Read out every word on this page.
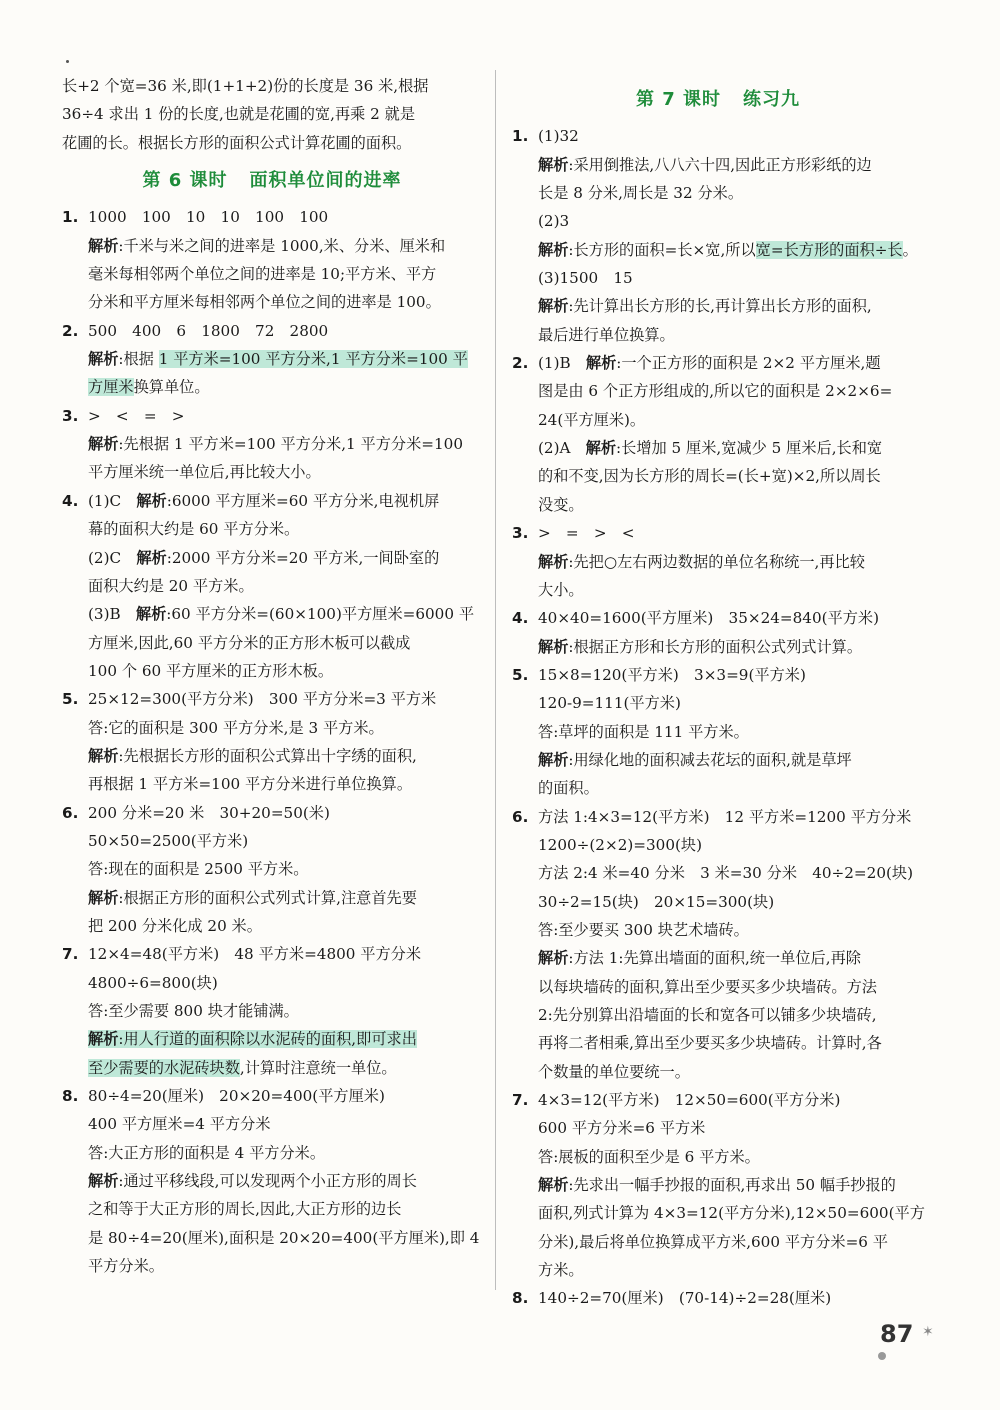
长+2 个宽=36 米,即(1+1+2)份的长度是 36 米,根据
36÷4 求出 1 份的长度,也就是花圃的宽,再乘 2 就是
花圃的长。根据长方形的面积公式计算花圃的面积。
第 6 课时 面积单位间的进率
1. 1000　100　10　10　100　100
解析:千米与米之间的进率是 1000,米、分米、厘米和
毫米每相邻两个单位之间的进率是 10;平方米、平方
分米和平方厘米每相邻两个单位之间的进率是 100。
2. 500　400　6　1800　72　2800
解析:根据 1 平方米=100 平方分米,1 平方分米=100 平
方厘米换算单位。
3. >　<　=　>
解析:先根据 1 平方米=100 平方分米,1 平方分米=100
平方厘米统一单位后,再比较大小。
4. (1)C　解析:6000 平方厘米=60 平方分米,电视机屏
幕的面积大约是 60 平方分米。
(2)C　解析:2000 平方分米=20 平方米,一间卧室的
面积大约是 20 平方米。
(3)B　解析:60 平方分米=(60×100)平方厘米=6000 平
方厘米,因此,60 平方分米的正方形木板可以截成
100 个 60 平方厘米的正方形木板。
5. 25×12=300(平方分米)　300 平方分米=3 平方米
答:它的面积是 300 平方分米,是 3 平方米。
解析:先根据长方形的面积公式算出十字绣的面积,
再根据 1 平方米=100 平方分米进行单位换算。
6. 200 分米=20 米　30+20=50(米)
50×50=2500(平方米)
答:现在的面积是 2500 平方米。
解析:根据正方形的面积公式列式计算,注意首先要
把 200 分米化成 20 米。
7. 12×4=48(平方米)　48 平方米=4800 平方分米
4800÷6=800(块)
答:至少需要 800 块才能铺满。
解析:用人行道的面积除以水泥砖的面积,即可求出
至少需要的水泥砖块数,计算时注意统一单位。
8. 80÷4=20(厘米)　20×20=400(平方厘米)
400 平方厘米=4 平方分米
答:大正方形的面积是 4 平方分米。
解析:通过平移线段,可以发现两个小正方形的周长
之和等于大正方形的周长,因此,大正方形的边长
是 80÷4=20(厘米),面积是 20×20=400(平方厘米),即 4
平方分米。
第 7 课时 练习九
1. (1)32
解析:采用倒推法,八八六十四,因此正方形彩纸的边
长是 8 分米,周长是 32 分米。
(2)3
解析:长方形的面积=长×宽,所以宽=长方形的面积÷长。
(3)1500　15
解析:先计算出长方形的长,再计算出长方形的面积,
最后进行单位换算。
2. (1)B　解析:一个正方形的面积是 2×2 平方厘米,题
图是由 6 个正方形组成的,所以它的面积是 2×2×6=
24(平方厘米)。
(2)A　解析:长增加 5 厘米,宽减少 5 厘米后,长和宽
的和不变,因为长方形的周长=(长+宽)×2,所以周长
没变。
3. >　=　>　<
解析:先把○左右两边数据的单位名称统一,再比较
大小。
4. 40×40=1600(平方厘米)　35×24=840(平方米)
解析:根据正方形和长方形的面积公式列式计算。
5. 15×8=120(平方米)　3×3=9(平方米)
120-9=111(平方米)
答:草坪的面积是 111 平方米。
解析:用绿化地的面积减去花坛的面积,就是草坪
的面积。
6. 方法 1:4×3=12(平方米)　12 平方米=1200 平方分米
1200÷(2×2)=300(块)
方法 2:4 米=40 分米　3 米=30 分米　40÷2=20(块)
30÷2=15(块)　20×15=300(块)
答:至少要买 300 块艺术墙砖。
解析:方法 1:先算出墙面的面积,统一单位后,再除
以每块墙砖的面积,算出至少要买多少块墙砖。方法
2:先分别算出沿墙面的长和宽各可以铺多少块墙砖,
再将二者相乘,算出至少要买多少块墙砖。计算时,各
个数量的单位要统一。
7. 4×3=12(平方米)　12×50=600(平方分米)
600 平方分米=6 平方米
答:展板的面积至少是 6 平方米。
解析:先求出一幅手抄报的面积,再求出 50 幅手抄报的
面积,列式计算为 4×3=12(平方分米),12×50=600(平方
分米),最后将单位换算成平方米,600 平方分米=6 平
方米。
8. 140÷2=70(厘米)　(70-14)÷2=28(厘米)
87 ✶
